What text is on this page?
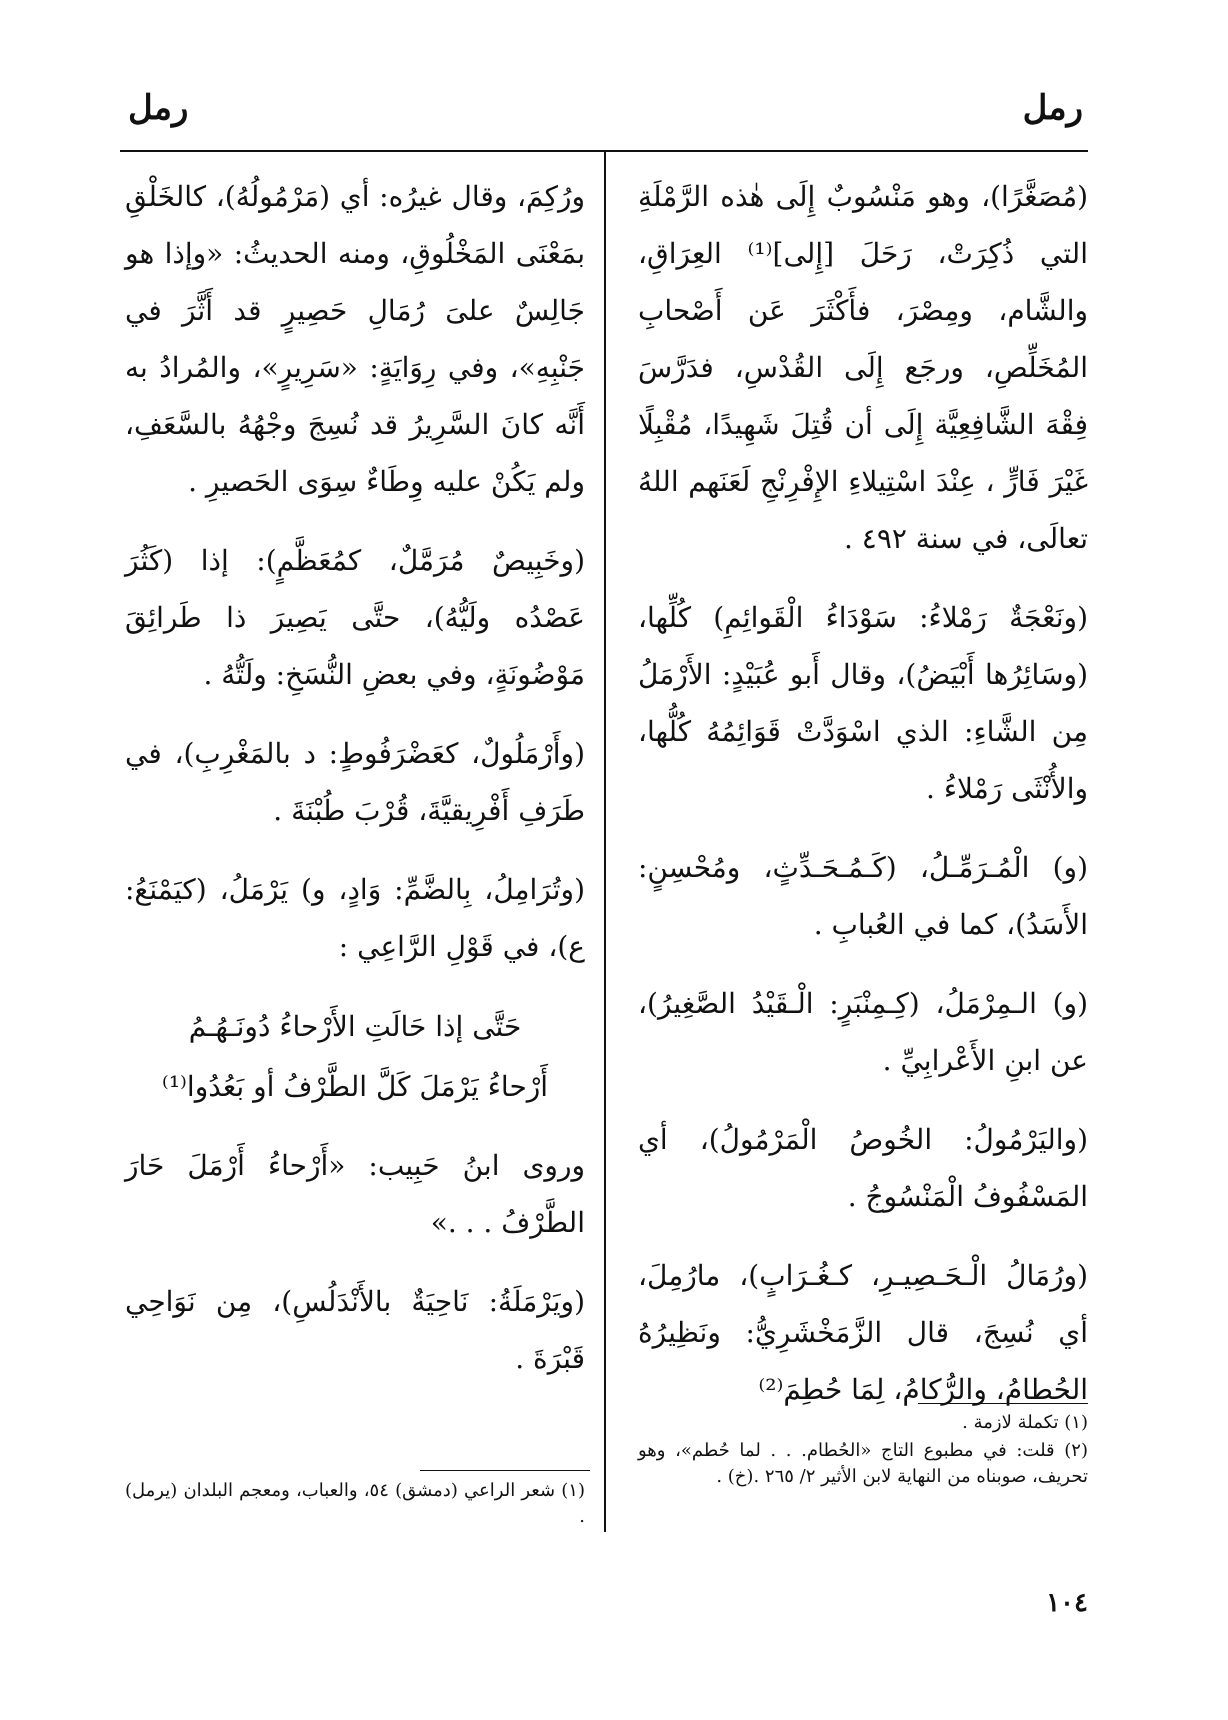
رمل
رمل

(مُصَغَّرًا)، وهو مَنْسُوبٌ إِلَى هٰذه الرَّمْلَةِ التي ذُكِرَتْ، رَحَلَ [إِلى]⁽¹⁾ العِرَاقِ، والشَّام، ومِصْرَ، فأَكْثَرَ عَن أَصْحابِ المُخَلِّصِ، ورجَع إِلَى القُدْسِ، فدَرَّسَ فِقْهَ الشَّافِعِيَّة إِلَى أن قُتِلَ شَهِيدًا، مُقْبِلًا غَيْرَ فَارٍّ ، عِنْدَ اسْتِيلاءِ الإِفْرِنْجِ لَعَنَهم اللهُ تعالَى، في سنة ٤٩٢ .

(ونَعْجَةٌ رَمْلاءُ: سَوْدَاءُ الْقَوائِمِ) كُلِّها، (وسَائِرُها أَبْيَضُ)، وقال أَبو عُبَيْدٍ: الأَرْمَلُ مِن الشَّاءِ: الذي اسْوَدَّتْ قَوَائِمُهُ كُلُّها، والأُنْثَى رَمْلاءُ .

(و) الْمُـرَمِّـلُ، (كَـمُـحَـدِّثٍ، ومُحْسِنٍ: الأَسَدُ)، كما في العُبابِ .

(و) الـمِرْمَلُ، (كِـمِنْبَرٍ: الْـقَيْدُ الصَّغِيرُ)، عن ابنِ الأَعْرابِيِّ .

(واليَرْمُولُ: الخُوصُ الْمَرْمُولُ)، أي المَسْفُوفُ الْمَنْسُوجُ .

(ورُمَالُ الْـحَـصِيـرِ، كـغُـرَابٍ)، مارُمِلَ، أي نُسِجَ، قال الزَّمَخْشَرِيُّ: ونَظِيرُهُ الحُطامُ، والرُّكامُ، لِمَا حُطِمَ⁽²⁾

ورُكِمَ، وقال غيرُه: أي (مَرْمُولُهُ)، كالخَلْقِ بمَعْنَى المَخْلُوقِ، ومنه الحديثُ: «وإذا هو جَالِسٌ علىَ رُمَالِ حَصِيرٍ قد أَثَّرَ في جَنْبِهِ»، وفي رِوَايَةٍ: «سَرِيرٍ»، والمُرادُ به أَنَّه كانَ السَّرِيرُ قد نُسِجَ وجْهُهُ بالسَّعَفِ، ولم يَكُنْ عليه وِطَاءٌ سِوَى الحَصيرِ .

(وخَبِيصٌ مُرَمَّلٌ، كمُعَظَّمٍ): إذا (كَثُرَ عَصْدُه ولَيُّهُ)، حتَّى يَصِيرَ ذا طَرائِقَ مَوْضُونَةٍ، وفي بعضِ النُّسَخِ: ولَتُّهُ .

(وأَرْمَلُولٌ، كعَضْرَفُوطٍ: د بالمَغْرِبِ)، في طَرَفِ أَفْرِيقيَّةَ، قُرْبَ طُبْنَةَ .

(وتُرَامِلُ، بِالضَّمِّ: وَادٍ، و) يَرْمَلُ، (كيَمْنَعُ: ع)، في قَوْلِ الرَّاعِي :

حَتَّى إذا حَالَتِ الأَرْحاءُ دُونَـهُـمُ
أَرْحاءُ يَرْمَلَ كَلَّ الطَّرْفُ أو بَعُدُوا⁽¹⁾

وروى ابنُ حَبِيب: «أَرْحاءُ أَرْمَلَ حَارَ الطَّرْفُ . . .»

(ويَرْمَلَةُ: نَاحِيَةٌ بالأَنْدَلُسِ)، مِن نَوَاحِي قَبْرَةَ .

(١) تكملة لازمة .
(٢) قلت: في مطبوع التاج «الحُطام. . . لما حُطم»، وهو تحريف، صوبناه من النهاية لابن الأثير ٢/ ٢٦٥ .(خ) .
(١) شعر الراعي (دمشق) ٥٤، والعباب، ومعجم البلدان (يرمل) .
١٠٤
